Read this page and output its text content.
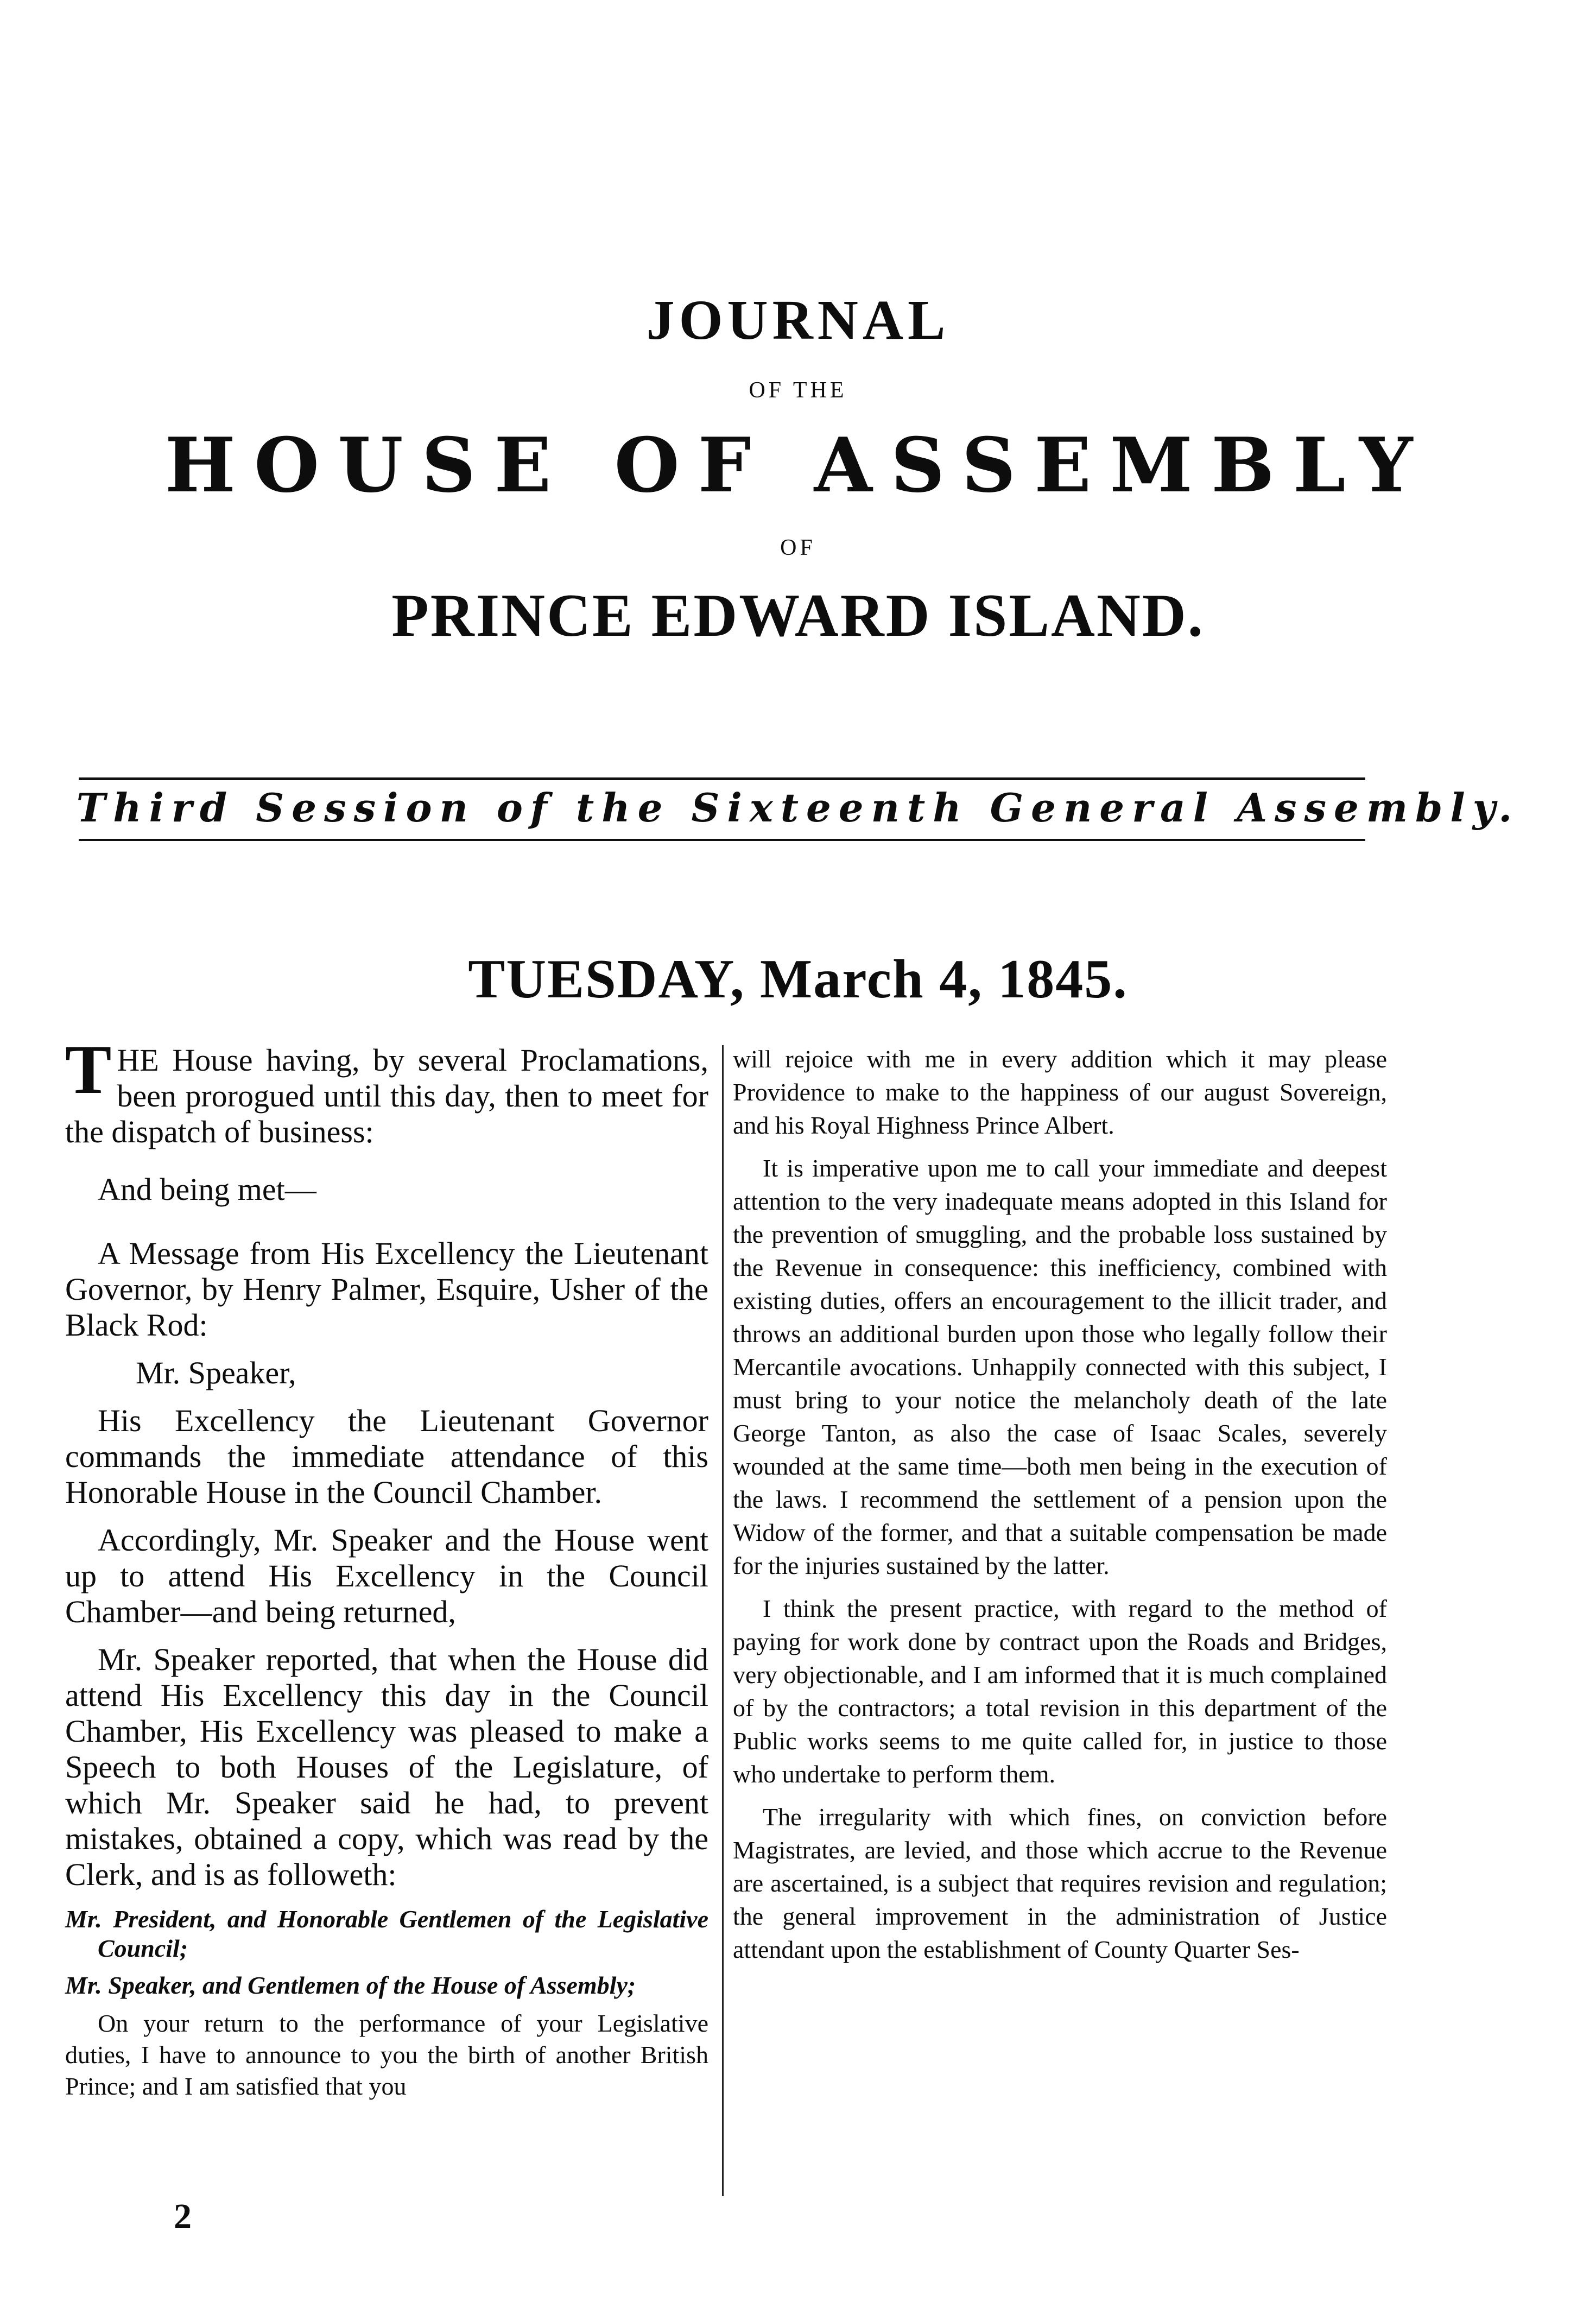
JOURNAL
OF THE
HOUSE OF ASSEMBLY
OF
PRINCE EDWARD ISLAND.
Third Session of the Sixteenth General Assembly.
TUESDAY, March 4, 1845.

THE House having, by several Proclamations, been prorogued until this day, then to meet for the dispatch of business:

And being met—

A Message from His Excellency the Lieutenant Governor, by Henry Palmer, Esquire, Usher of the Black Rod:

Mr. Speaker,

His Excellency the Lieutenant Governor commands the immediate attendance of this Honorable House in the Council Chamber.

Accordingly, Mr. Speaker and the House went up to attend His Excellency in the Council Chamber—and being returned,

Mr. Speaker reported, that when the House did attend His Excellency this day in the Council Chamber, His Excellency was pleased to make a Speech to both Houses of the Legislature, of which Mr. Speaker said he had, to prevent mistakes, obtained a copy, which was read by the Clerk, and is as followeth:

Mr. President, and Honorable Gentlemen of the Legislative Council;

Mr. Speaker, and Gentlemen of the House of Assembly;

On your return to the performance of your Legislative duties, I have to announce to you the birth of another British Prince; and I am satisfied that you

will rejoice with me in every addition which it may please Providence to make to the happiness of our august Sovereign, and his Royal Highness Prince Albert.

It is imperative upon me to call your immediate and deepest attention to the very inadequate means adopted in this Island for the prevention of smuggling, and the probable loss sustained by the Revenue in consequence: this inefficiency, combined with existing duties, offers an encouragement to the illicit trader, and throws an additional burden upon those who legally follow their Mercantile avocations. Unhappily connected with this subject, I must bring to your notice the melancholy death of the late George Tanton, as also the case of Isaac Scales, severely wounded at the same time—both men being in the execution of the laws. I recommend the settlement of a pension upon the Widow of the former, and that a suitable compensation be made for the injuries sustained by the latter.

I think the present practice, with regard to the method of paying for work done by contract upon the Roads and Bridges, very objectionable, and I am informed that it is much complained of by the contractors; a total revision in this department of the Public works seems to me quite called for, in justice to those who undertake to perform them.

The irregularity with which fines, on conviction before Magistrates, are levied, and those which accrue to the Revenue are ascertained, is a subject that requires revision and regulation; the general improvement in the administration of Justice attendant upon the establishment of County Quarter Ses-

2
